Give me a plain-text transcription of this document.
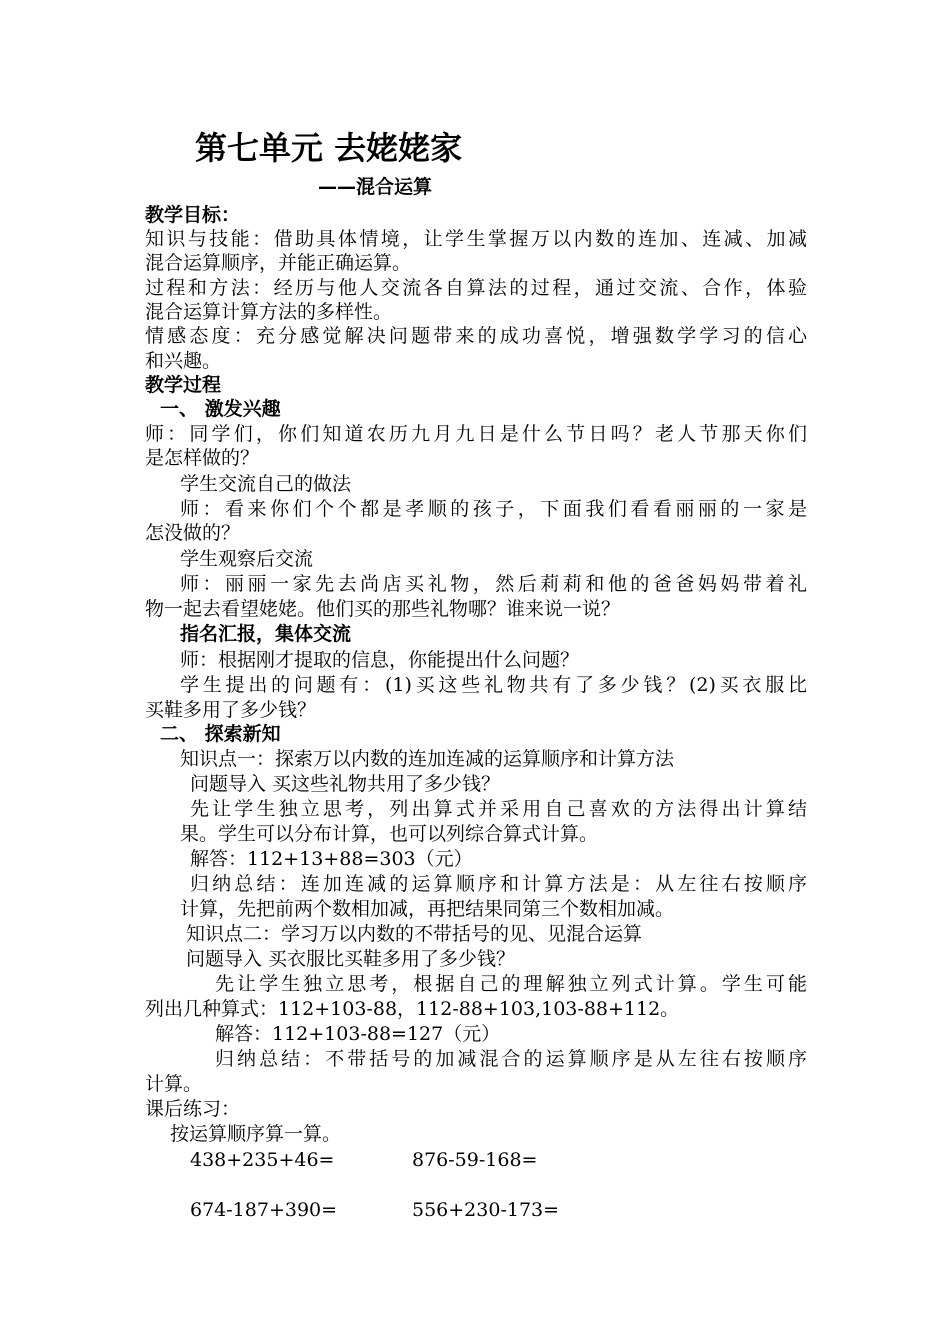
第七单元 去姥姥家
——混合运算
教学目标：
知识与技能：借助具体情境，让学生掌握万以内数的连加、连减、加减
混合运算顺序，并能正确运算。
过程和方法：经历与他人交流各自算法的过程，通过交流、合作，体验
混合运算计算方法的多样性。
情感态度：充分感觉解决问题带来的成功喜悦，增强数学学习的信心
和兴趣。
教学过程
一、 激发兴趣
师：同学们，你们知道农历九月九日是什么节日吗？老人节那天你们
是怎样做的？
学生交流自己的做法
师：看来你们个个都是孝顺的孩子，下面我们看看丽丽的一家是
怎没做的？
学生观察后交流
师：丽丽一家先去尚店买礼物，然后莉莉和他的爸爸妈妈带着礼
物一起去看望姥姥。他们买的那些礼物哪？谁来说一说？
指名汇报，集体交流
师：根据刚才提取的信息，你能提出什么问题？
学生提出的问题有：(1)买这些礼物共有了多少钱？(2)买衣服比
买鞋多用了多少钱？
二、 探索新知
知识点一：探索万以内数的连加连减的运算顺序和计算方法
问题导入 买这些礼物共用了多少钱？
先让学生独立思考，列出算式并采用自己喜欢的方法得出计算结
果。学生可以分布计算，也可以列综合算式计算。
解答：112+13+88=303（元）
归纳总结：连加连减的运算顺序和计算方法是：从左往右按顺序
计算，先把前两个数相加减，再把结果同第三个数相加减。
知识点二：学习万以内数的不带括号的见、见混合运算
问题导入 买衣服比买鞋多用了多少钱？
先让学生独立思考，根据自己的理解独立列式计算。学生可能
列出几种算式：112+103-88，112-88+103,103-88+112。
解答：112+103-88=127（元）
归纳总结：不带括号的加减混合的运算顺序是从左往右按顺序
计算。
课后练习：
按运算顺序算一算。
438+235+46=	876-59-168=
674-187+390=	556+230-173=
